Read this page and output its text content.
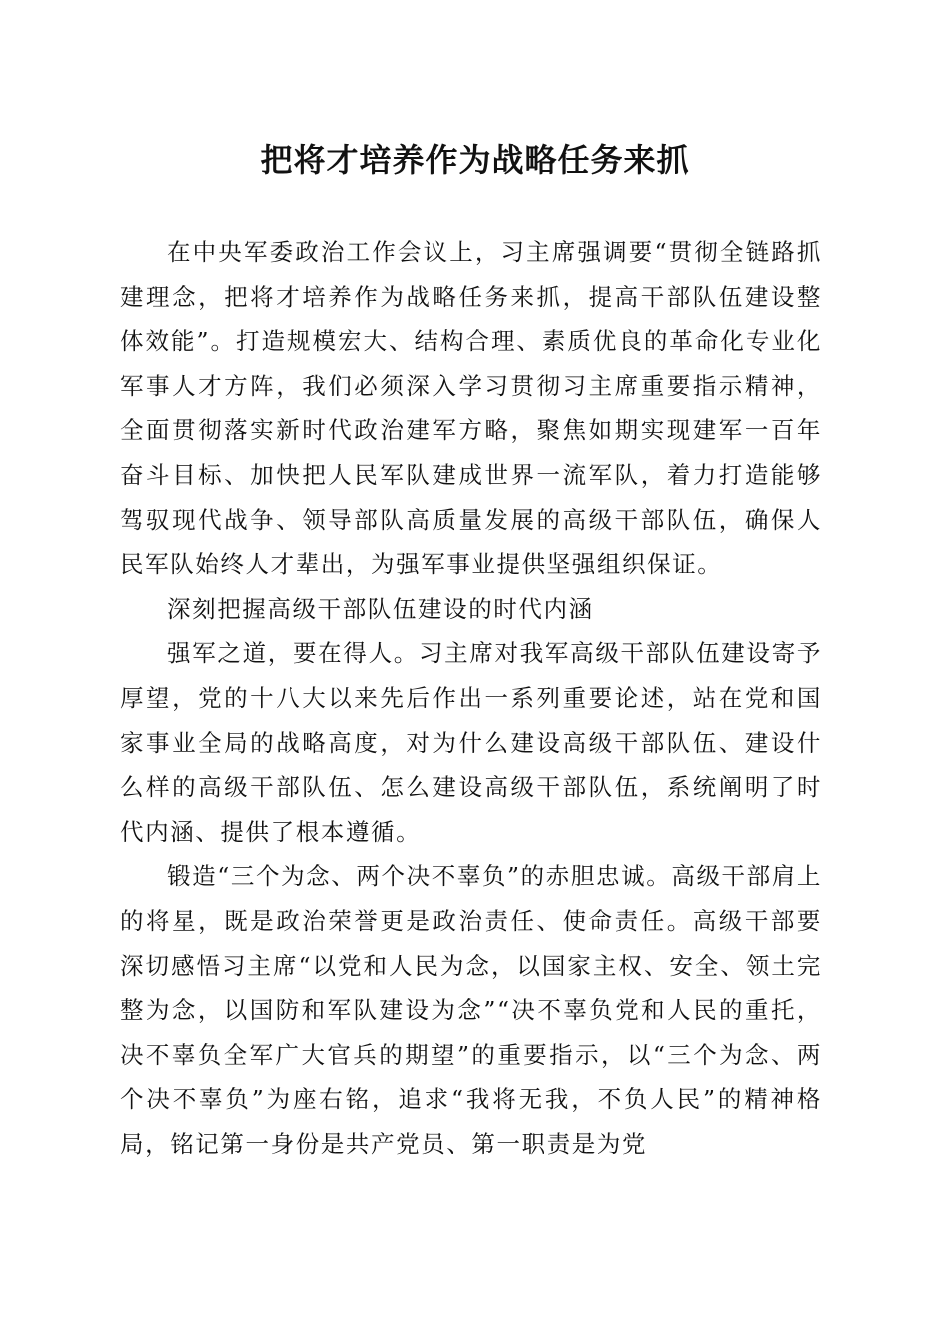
把将才培养作为战略任务来抓

在中央军委政治工作会议上，习主席强调要“贯彻全链路抓建理念，把将才培养作为战略任务来抓，提高干部队伍建设整体效能”。打造规模宏大、结构合理、素质优良的革命化专业化军事人才方阵，我们必须深入学习贯彻习主席重要指示精神，全面贯彻落实新时代政治建军方略，聚焦如期实现建军一百年奋斗目标、加快把人民军队建成世界一流军队，着力打造能够驾驭现代战争、领导部队高质量发展的高级干部队伍，确保人民军队始终人才辈出，为强军事业提供坚强组织保证。

深刻把握高级干部队伍建设的时代内涵

强军之道，要在得人。习主席对我军高级干部队伍建设寄予厚望，党的十八大以来先后作出一系列重要论述，站在党和国家事业全局的战略高度，对为什么建设高级干部队伍、建设什么样的高级干部队伍、怎么建设高级干部队伍，系统阐明了时代内涵、提供了根本遵循。

锻造“三个为念、两个决不辜负”的赤胆忠诚。高级干部肩上的将星，既是政治荣誉更是政治责任、使命责任。高级干部要深切感悟习主席“以党和人民为念，以国家主权、安全、领土完整为念，以国防和军队建设为念”“决不辜负党和人民的重托，决不辜负全军广大官兵的期望”的重要指示，以“三个为念、两个决不辜负”为座右铭，追求“我将无我，不负人民”的精神格局，铭记第一身份是共产党员、第一职责是为党
